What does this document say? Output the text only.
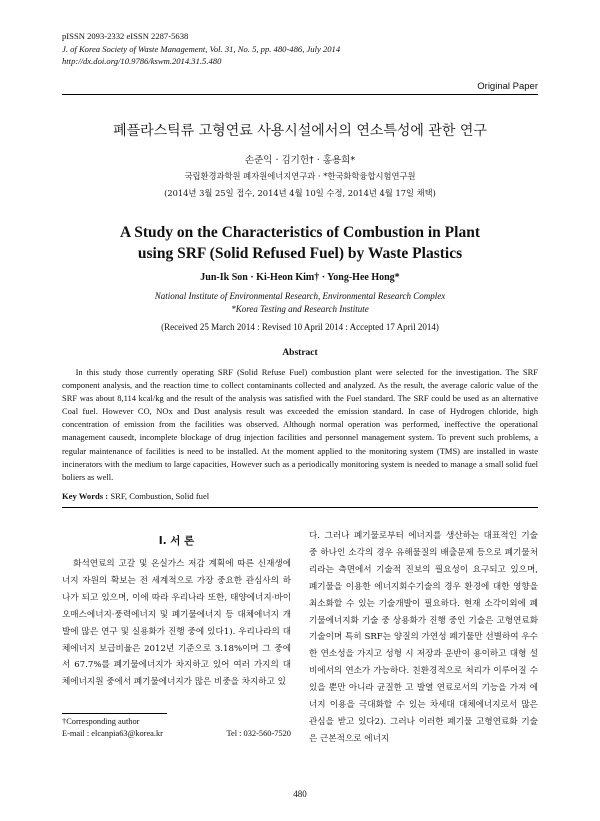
pISSN 2093-2332 eISSN 2287-5638
J. of Korea Society of Waste Management, Vol. 31, No. 5, pp. 480-486, July 2014
http://dx.doi.org/10.9786/kswm.2014.31.5.480
Original Paper
폐플라스틱류 고형연료 사용시설에서의 연소특성에 관한 연구
손준익 · 김기헌† · 홍용희*
국립환경과학원 폐자원에너지연구과 · *한국화학융합시험연구원
(2014년 3월 25일 접수, 2014년 4월 10일 수정, 2014년 4월 17일 채택)
A Study on the Characteristics of Combustion in Plant
using SRF (Solid Refused Fuel) by Waste Plastics
Jun-Ik Son · Ki-Heon Kim† · Yong-Hee Hong*
National Institute of Environmental Research, Environmental Research Complex
*Korea Testing and Research Institute
(Received 25 March 2014 : Revised 10 April 2014 : Accepted 17 April 2014)
Abstract
In this study those currently operating SRF (Solid Refuse Fuel) combustion plant were selected for the investigation. The SRF component analysis, and the reaction time to collect contaminants collected and analyzed. As the result, the average caloric value of the SRF was about 8,114 kcal/kg and the result of the analysis was satisfied with the Fuel standard. The SRF could be used as an alternative Coal fuel. However CO, NOx and Dust analysis result was exceeded the emission standard. In case of Hydrogen chloride, high concentration of emission from the facilities was observed. Although normal operation was performed, ineffective the operational management causedt, incomplete blockage of drug injection facilities and personnel management system. To prevent such problems, a regular maintenance of facilities is need to be installed. At the moment applied to the monitoring system (TMS) are installed in waste incinerators with the medium to large capacities, However such as a periodically monitoring system is needed to manage a small solid fuel boliers as well.
Key Words : SRF, Combustion, Solid fuel
I. 서 론
화석연료의 고갈 및 온실가스 저감 계획에 따른 신재생에너지 자원의 확보는 전 세계적으로 가장 중요한 관심사의 하나가 되고 있으며, 이에 따라 우리나라 또한, 태양에너지·바이오매스에너지·풍력에너지 및 폐기물에너지 등 대체에너지 개발에 많은 연구 및 실용화가 진행 중에 있다1). 우리나라의 대체에너지 보급비율은 2012년 기준으로 3.18%이며 그 중에서 67.7%를 폐기물에너지가 차지하고 있어 여러 가지의 대체에너지원 중에서 폐기물에너지가 많은 비중을 차지하고 있
다. 그러나 폐기물로부터 에너지를 생산하는 대표적인 기술 중 하나인 소각의 경우 유해물질의 배출문제 등으로 폐기물처리라는 측면에서 기술적 진보의 필요성이 요구되고 있으며, 폐기물을 이용한 에너지회수기술의 경우 환경에 대한 영향을 최소화할 수 있는 기술개발이 필요하다. 현재 소각이외에 폐기물에너지화 기술 중 상용화가 진행 중인 기술은 고형연료화 기술이며 특히 SRF는 양질의 가연성 폐기물만 선별하여 우수한 연소성을 가지고 성형 시 저장과 운반이 용이하고 대형 설비에서의 연소가 가능하다. 친환경적으로 처리가 이루어질 수 있을 뿐만 아니라 균질한 고 발열 연료로서의 기능을 가져 에너지 이용을 극대화할 수 있는 차세대 대체에너지로서 많은 관심을 받고 있다2). 그러나 이러한 폐기물 고형연료화 기술은 근본적으로 에너지
†Corresponding author
E-mail : elcanpia63@korea.kr	Tel : 032-560-7520
480
